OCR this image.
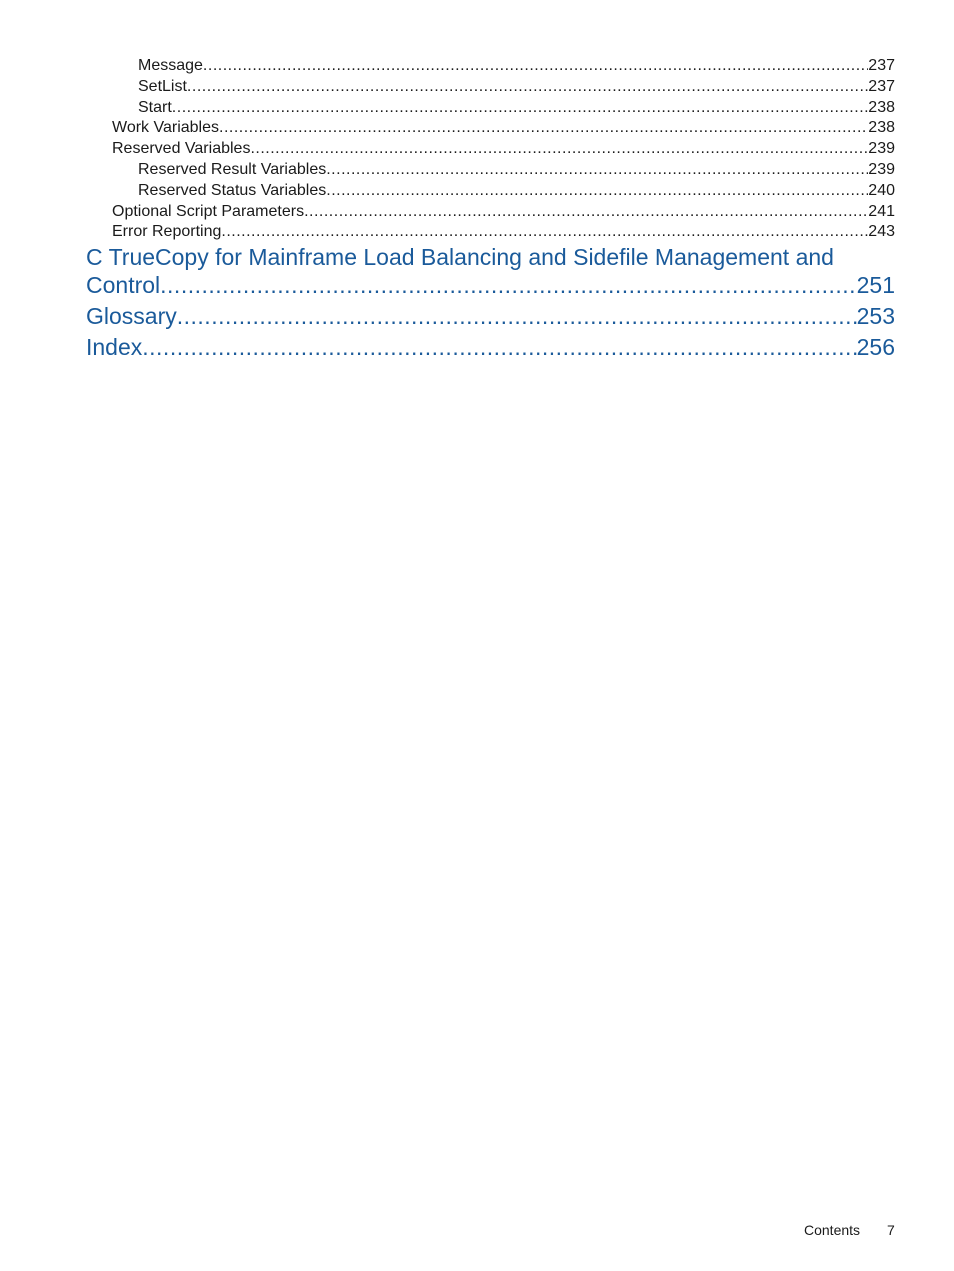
Message .....	237
SetList .....	237
Start .....	238
Work Variables .....	238
Reserved Variables .....	239
Reserved Result Variables .....	239
Reserved Status Variables .....	240
Optional Script Parameters .....	241
Error Reporting .....	243
C TrueCopy for Mainframe Load Balancing and Sidefile Management and
Control .....	251
Glossary .....	253
Index .....	256
Contents 7
